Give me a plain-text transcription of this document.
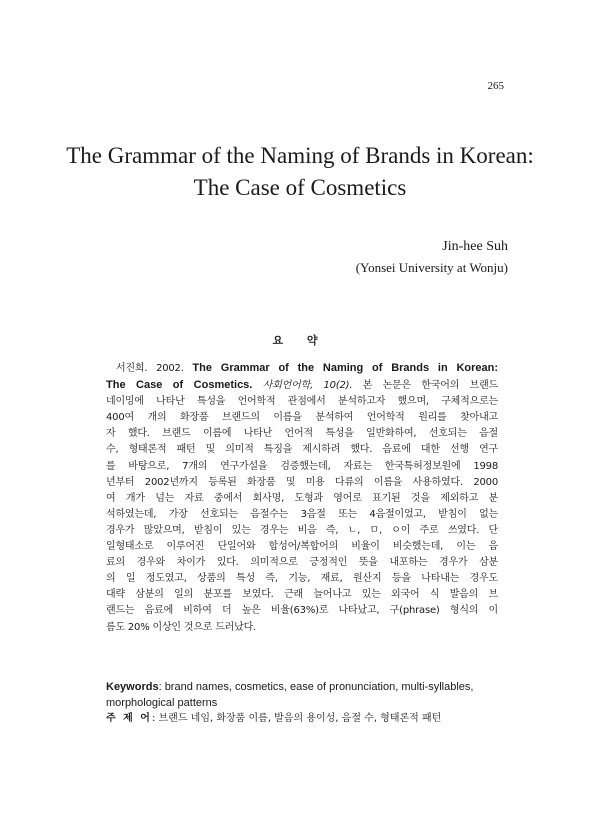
265
The Grammar of the Naming of Brands in Korean:
The Case of Cosmetics
Jin-hee Suh
(Yonsei University at Wonju)
요 약
서진희. 2002. The Grammar of the Naming of Brands in Korean:
The Case of Cosmetics. 사회언어학, 10(2). 본 논문은 한국어의 브랜드
네이밍에 나타난 특성을 언어학적 관점에서 분석하고자 했으며, 구체적으로는
400여 개의 화장품 브랜드의 이름을 분석하여 언어학적 원리를 찾아내고
자 했다. 브랜드 이름에 나타난 언어적 특성을 일반화하여, 선호되는 음절
수, 형태론적 패턴 및 의미적 특징을 제시하려 했다. 음료에 대한 선행 연구
를 바탕으로, 7개의 연구가설을 검증했는데, 자료는 한국특허정보원에 1998
년부터 2002년까지 등록된 화장품 및 미용 다류의 이름을 사용하였다. 2000
여 개가 넘는 자료 중에서 회사명, 도형과 영어로 표기된 것을 제외하고 분
석하였는데, 가장 선호되는 음절수는 3음절 또는 4음절이었고, 받침이 없는
경우가 많았으며, 받침이 있는 경우는 비음 즉, ㄴ, ㅁ, ㅇ이 주로 쓰였다. 단
일형태소로 이루어진 단일어와 합성어/복합어의 비율이 비슷했는데, 이는 음
료의 경우와 차이가 있다. 의미적으로 긍정적인 뜻을 내포하는 경우가 삼분
의 일 정도였고, 상품의 특성 즉, 기능, 재료, 원산지 등을 나타내는 경우도
대략 삼분의 일의 분포를 보였다. 근래 늘어나고 있는 외국어 식 발음의 브
랜드는 음료에 비하여 더 높은 비율(63%)로 나타났고, 구(phrase) 형식의 이
름도 20% 이상인 것으로 드러났다.
Keywords: brand names, cosmetics, ease of pronunciation, multi-syllables, morphological patterns
주 제 어: 브랜드 네임, 화장품 이름, 발음의 용이성, 음절 수, 형태론적 패턴
